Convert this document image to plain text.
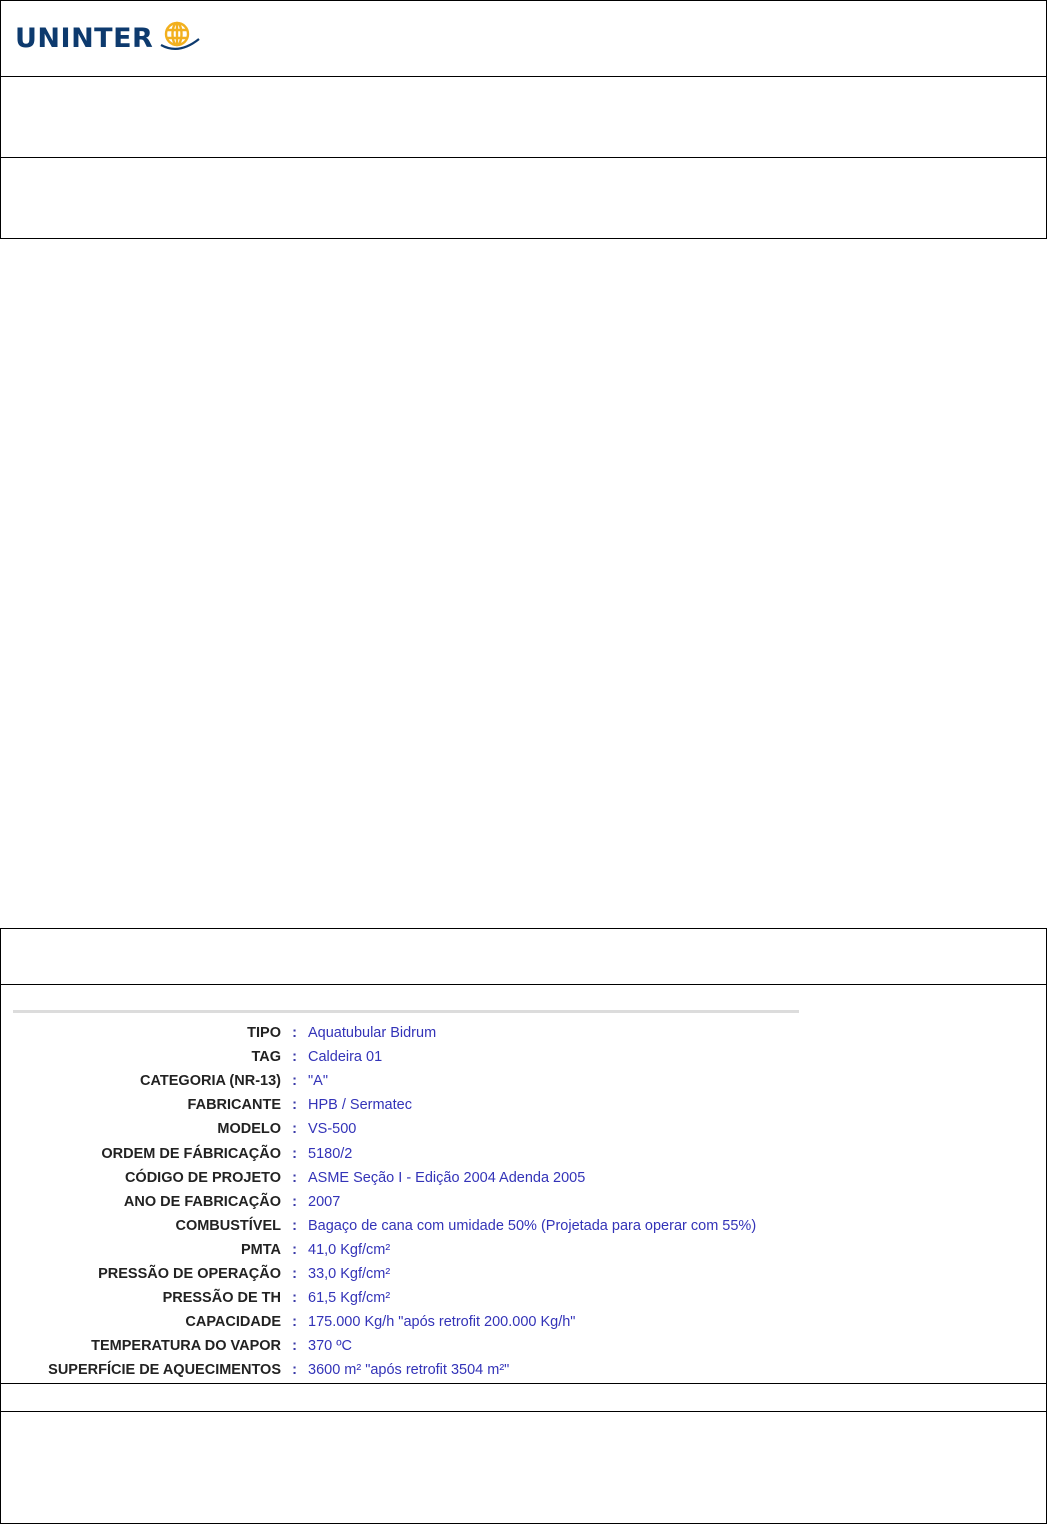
UNINTER
TIPO	:	Aquatubular Bidrum
TAG	:	Caldeira 01
CATEGORIA (NR-13)	:	"A"
FABRICANTE	:	HPB / Sermatec
MODELO	:	VS-500
ORDEM DE FÁBRICAÇÃO	:	5180/2
CÓDIGO DE PROJETO	:	ASME Seção I - Edição 2004 Adenda 2005
ANO DE FABRICAÇÃO	:	2007
COMBUSTÍVEL	:	Bagaço de cana com umidade 50% (Projetada para operar com 55%)
PMTA	:	41,0 Kgf/cm²
PRESSÃO DE OPERAÇÃO	:	33,0 Kgf/cm²
PRESSÃO DE TH	:	61,5 Kgf/cm²
CAPACIDADE	:	175.000 Kg/h "após retrofit 200.000 Kg/h"
TEMPERATURA DO VAPOR	:	370 ºC
SUPERFÍCIE DE AQUECIMENTOS	:	3600 m² "após retrofit 3504 m²"
